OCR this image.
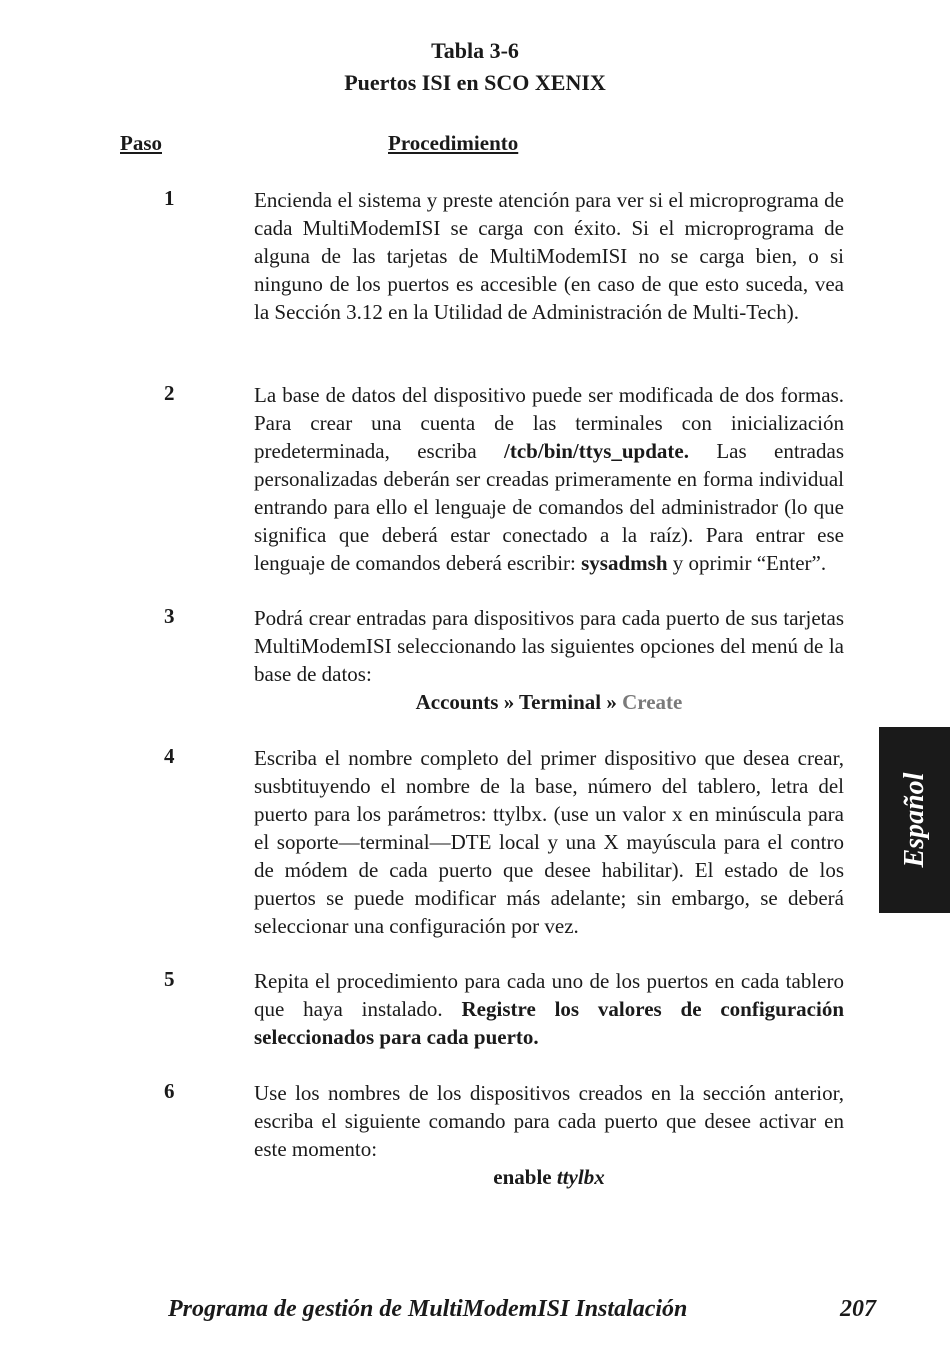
Tabla 3-6
Puertos ISI en SCO XENIX
Paso	Procedimiento
1	Encienda el sistema y preste atención para ver si el microprograma de cada MultiModemISI se carga con éxito. Si el microprograma de alguna de las tarjetas de MultiModemISI no se carga bien, o si ninguno de los puertos es accesible (en caso de que esto suceda, vea la Sección 3.12 en la Utilidad de Administración de Multi-Tech).
2	La base de datos del dispositivo puede ser modificada de dos formas. Para crear una cuenta de las terminales con inicialización predeterminada, escriba /tcb/bin/ttys_update. Las entradas personalizadas deberán ser creadas primeramente en forma individual entrando para ello el lenguaje de comandos del administrador (lo que significa que deberá estar conectado a la raíz). Para entrar ese lenguaje de comandos deberá escribir: sysadmsh y oprimir “Enter”.
3	Podrá crear entradas para dispositivos para cada puerto de sus tarjetas MultiModemISI seleccionando las siguientes opciones del menú de la base de datos:
Accounts » Terminal » Create
4	Escriba el nombre completo del primer dispositivo que desea crear, susbtituyendo el nombre de la base, número del tablero, letra del puerto para los parámetros: ttylbx. (use un valor x en minúscula para el soporte—terminal—DTE local y una X mayúscula para el contro de módem de cada puerto que desee habilitar). El estado de los puertos se puede modificar más adelante; sin embargo, se deberá seleccionar una configuración por vez.
5	Repita el procedimiento para cada uno de los puertos en cada tablero que haya instalado. Registre los valores de configuración seleccionados para cada puerto.
6	Use los nombres de los dispositivos creados en la sección anterior, escriba el siguiente comando para cada puerto que desee activar en este momento:
enable ttylbx
Español
Programa de gestión de MultiModemISI Instalación	207
